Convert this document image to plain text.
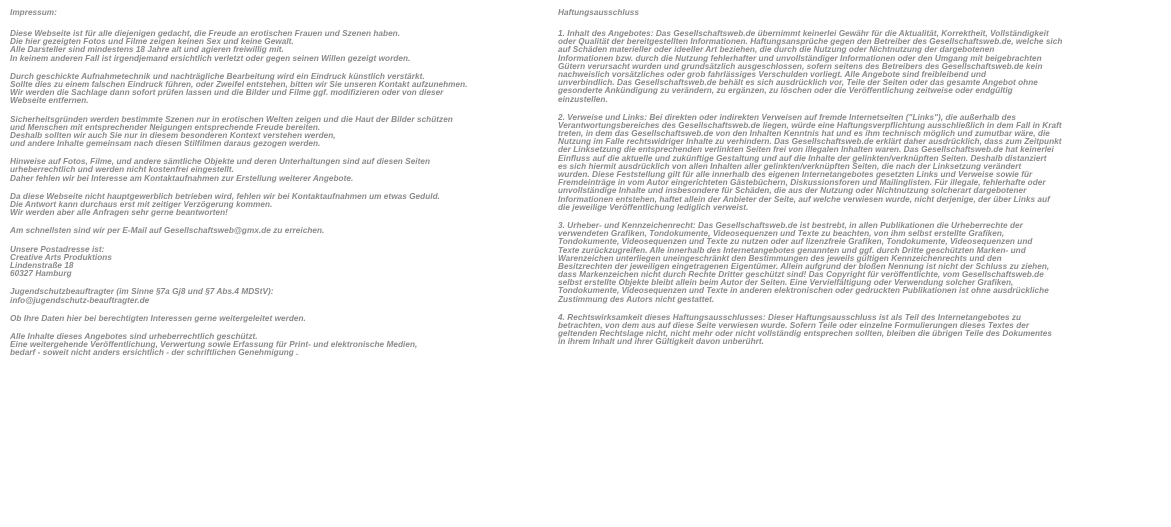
Impressum:
Diese Webseite ist für alle diejenigen gedacht, die Freude an erotischen Frauen und Szenen haben.
Die hier gezeigten Fotos und Filme zeigen keinen Sex und keine Gewalt.
Alle Darsteller sind mindestens 18 Jahre alt und agieren freiwillig mit.
In keinem anderen Fall ist irgendjemand ersichtlich verletzt oder gegen seinen Willen gezeigt worden.
Durch geschickte Aufnahmetechnik und nachträgliche Bearbeitung wird ein Eindruck künstlich verstärkt.
Sollte dies zu einem falschen Eindruck führen, oder Zweifel entstehen, bitten wir Sie unseren Kontakt aufzunehmen.
Wir werden die Sachlage dann sofort prüfen lassen und die Bilder und Filme ggf. modifizieren oder von dieser
Webseite entfernen.
Sicherheitsgründen werden bestimmte Szenen nur in erotischen Welten zeigen und die Haut der Bilder schützen
und Menschen mit entsprechender Neigungen entsprechende Freude bereiten.
Deshalb sollten wir auch Sie nur in diesem besonderen Kontext verstehen werden,
und andere Inhalte gemeinsam nach diesen Stilfilmen daraus gezogen werden.
Hinweise auf Fotos, Filme, und andere sämtliche Objekte und deren Unterhaltungen sind auf diesen Seiten
urheberrechtlich und werden nicht kostenfrei eingestellt.
Daher fehlen wir bei Interesse am Kontaktaufnahmen zur Erstellung weiterer Angebote.
Da diese Webseite nicht hauptgewerblich betrieben wird, fehlen wir bei Kontaktaufnahmen um etwas Geduld.
Die Antwort kann durchaus erst mit zeitiger Verzögerung kommen.
Wir werden aber alle Anfragen sehr gerne beantworten!
Am schnellsten sind wir per E-Mail auf Gesellschaftsweb@gmx.de zu erreichen.
Unsere Postadresse ist:
Creative Arts Produktions
Lindenstraße 18
60327 Hamburg
Jugendschutzbeauftragter (im Sinne §7a Gj8 und §7 Abs.4 MDStV):
info@jugendschutz-beauftragter.de
Ob Ihre Daten hier bei berechtigten Interessen gerne weitergeleitet werden.
Alle Inhalte dieses Angebotes sind urheberrechtlich geschützt.
Eine weitergehende Veröffentlichung, Verwertung sowie Erfassung für Print- und elektronische Medien,
bedarf - soweit nicht anders ersichtlich - der schriftlichen Genehmigung .
Haftungsausschluss
1. Inhalt des Angebotes: Das Gesellschaftsweb.de übernimmt keinerlei Gewähr für die Aktualität, Korrektheit, Vollständigkeit
oder Qualität der bereitgestellten Informationen. Haftungsansprüche gegen den Betreiber des Gesellschaftsweb.de, welche sich
auf Schäden materieller oder ideeller Art beziehen, die durch die Nutzung oder Nichtnutzung der dargebotenen
Informationen bzw. durch die Nutzung fehlerhafter und unvollständiger Informationen oder den Umgang mit beigebrachten
Gütern verursacht wurden und grundsätzlich ausgeschlossen, sofern seitens des Betreibers des Gesellschaftsweb.de kein
nachweislich vorsätzliches oder grob fahrlässiges Verschulden vorliegt. Alle Angebote sind freibleibend und
unverbindlich. Das Gesellschaftsweb.de behält es sich ausdrücklich vor, Teile der Seiten oder das gesamte Angebot ohne
gesonderte Ankündigung zu verändern, zu ergänzen, zu löschen oder die Veröffentlichung zeitweise oder endgültig
einzustellen.
2. Verweise und Links: Bei direkten oder indirekten Verweisen auf fremde Internetseiten ("Links"), die außerhalb des
Verantwortungsbereiches des Gesellschaftsweb.de liegen, würde eine Haftungsverpflichtung ausschließlich in dem Fall in Kraft
treten, in dem das Gesellschaftsweb.de von den Inhalten Kenntnis hat und es ihm technisch möglich und zumutbar wäre, die
Nutzung im Falle rechtswidriger Inhalte zu verhindern. Das Gesellschaftsweb.de erklärt daher ausdrücklich, dass zum Zeitpunkt
der Linksetzung die entsprechenden verlinkten Seiten frei von illegalen Inhalten waren. Das Gesellschaftsweb.de hat keinerlei
Einfluss auf die aktuelle und zukünftige Gestaltung und auf die Inhalte der gelinkten/verknüpften Seiten. Deshalb distanziert
es sich hiermit ausdrücklich von allen Inhalten aller gelinkten/verknüpften Seiten, die nach der Linksetzung verändert
wurden. Diese Feststellung gilt für alle innerhalb des eigenen Internetangebotes gesetzten Links und Verweise sowie für
Fremdeinträge in vom Autor eingerichteten Gästebüchern, Diskussionsforen und Mailinglisten. Für illegale, fehlerhafte oder
unvollständige Inhalte und insbesondere für Schäden, die aus der Nutzung oder Nichtnutzung solcherart dargebotener
Informationen entstehen, haftet allein der Anbieter der Seite, auf welche verwiesen wurde, nicht derjenige, der über Links auf
die jeweilige Veröffentlichung lediglich verweist.
3. Urheber- und Kennzeichenrecht: Das Gesellschaftsweb.de ist bestrebt, in allen Publikationen die Urheberrechte der
verwendeten Grafiken, Tondokumente, Videosequenzen und Texte zu beachten, von ihm selbst erstellte Grafiken,
Tondokumente, Videosequenzen und Texte zu nutzen oder auf lizenzfreie Grafiken, Tondokumente, Videosequenzen und
Texte zurückzugreifen. Alle innerhalb des Internetangebotes genannten und ggf. durch Dritte geschützten Marken- und
Warenzeichen unterliegen uneingeschränkt den Bestimmungen des jeweils gültigen Kennzeichenrechts und den
Besitzrechten der jeweiligen eingetragenen Eigentümer. Allein aufgrund der bloßen Nennung ist nicht der Schluss zu ziehen,
dass Markenzeichen nicht durch Rechte Dritter geschützt sind! Das Copyright für veröffentlichte, vom Gesellschaftsweb.de
selbst erstellte Objekte bleibt allein beim Autor der Seiten. Eine Vervielfältigung oder Verwendung solcher Grafiken,
Tondokumente, Videosequenzen und Texte in anderen elektronischen oder gedruckten Publikationen ist ohne ausdrückliche
Zustimmung des Autors nicht gestattet.
4. Rechtswirksamkeit dieses Haftungsausschlusses: Dieser Haftungsausschluss ist als Teil des Internetangebotes zu
betrachten, von dem aus auf diese Seite verwiesen wurde. Sofern Teile oder einzelne Formulierungen dieses Textes der
geltenden Rechtslage nicht, nicht mehr oder nicht vollständig entsprechen sollten, bleiben die übrigen Teile des Dokumentes
in ihrem Inhalt und ihrer Gültigkeit davon unberührt.
